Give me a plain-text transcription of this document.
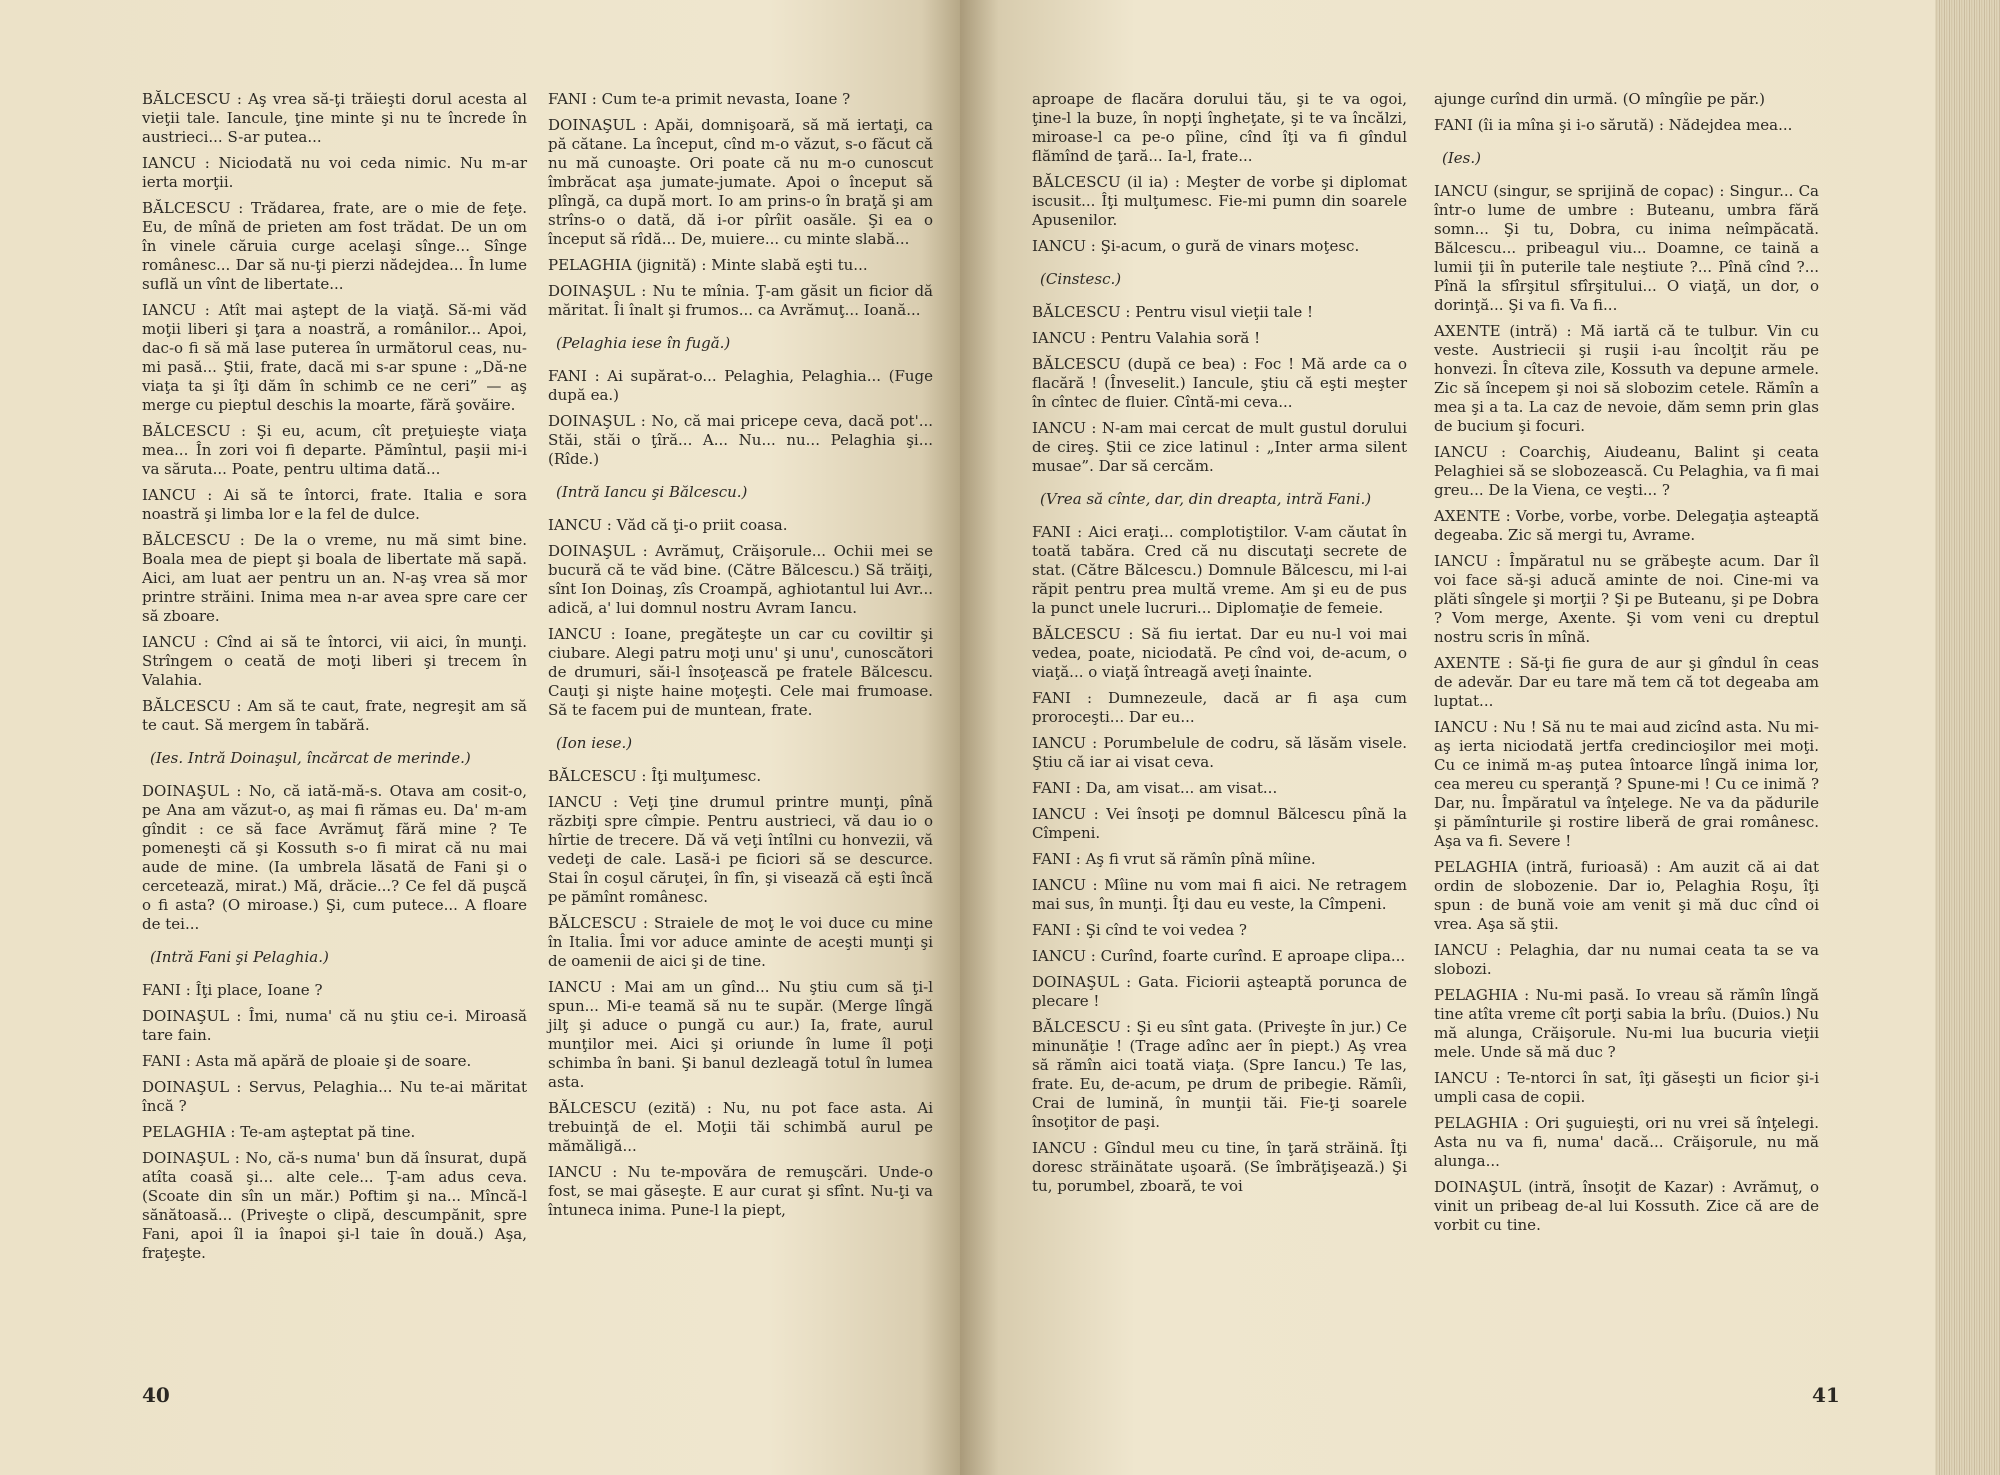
BĂLCESCU : Aş vrea să-ţi trăieşti dorul acesta al vieţii tale. Iancule, ţine minte şi nu te încrede în austrieci... S-ar putea...

IANCU : Niciodată nu voi ceda nimic. Nu m-ar ierta morţii.

BĂLCESCU : Trădarea, frate, are o mie de feţe. Eu, de mînă de prieten am fost trădat. De un om în vinele căruia curge acelaşi sînge... Sînge românesc... Dar să nu-ţi pierzi nădejdea... În lume suflă un vînt de libertate...

IANCU : Atît mai aştept de la viaţă. Să-mi văd moţii liberi şi ţara a noastră, a românilor... Apoi, dac-o fi să mă lase puterea în următorul ceas, nu-mi pasă... Ştii, frate, dacă mi s-ar spune : „Dă-ne viaţa ta şi îţi dăm în schimb ce ne ceri” — aş merge cu pieptul deschis la moarte, fără şovăire.

BĂLCESCU : Şi eu, acum, cît preţuieşte viaţa mea... În zori voi fi departe. Pămîntul, paşii mi-i va săruta... Poate, pentru ultima dată...

IANCU : Ai să te întorci, frate. Italia e sora noastră şi limba lor e la fel de dulce.

BĂLCESCU : De la o vreme, nu mă simt bine. Boala mea de piept şi boala de libertate mă sapă. Aici, am luat aer pentru un an. N-aş vrea să mor printre străini. Inima mea n-ar avea spre care cer să zboare.

IANCU : Cînd ai să te întorci, vii aici, în munţi. Strîngem o ceată de moţi liberi şi trecem în Valahia.

BĂLCESCU : Am să te caut, frate, negreşit am să te caut. Să mergem în tabără.

(Ies. Intră Doinaşul, încărcat de merinde.)

DOINAŞUL : No, că iată-mă-s. Otava am cosit-o, pe Ana am văzut-o, aş mai fi rămas eu. Da' m-am gîndit : ce să face Avrămuţ fără mine ? Te pomeneşti că şi Kossuth s-o fi mirat că nu mai aude de mine. (Ia umbrela lăsată de Fani şi o cercetează, mirat.) Mă, drăcie...? Ce fel dă puşcă o fi asta? (O miroase.) Şi, cum putece... A floare de tei...

(Intră Fani şi Pelaghia.)

FANI : Îţi place, Ioane ?

DOINAŞUL : Îmi, numa' că nu ştiu ce-i. Miroasă tare fain.

FANI : Asta mă apără de ploaie şi de soare.

DOINAŞUL : Servus, Pelaghia... Nu te-ai măritat încă ?

PELAGHIA : Te-am aşteptat pă tine.

DOINAŞUL : No, că-s numa' bun dă însurat, după atîta coasă şi... alte cele... Ţ-am adus ceva. (Scoate din sîn un măr.) Poftim şi na... Mîncă-l sănătoasă... (Priveşte o clipă, descumpănit, spre Fani, apoi îl ia înapoi şi-l taie în două.) Aşa, fraţeşte.

FANI : Cum te-a primit nevasta, Ioane ?

DOINAŞUL : Apăi, domnişoară, să mă iertaţi, ca pă cătane. La început, cînd m-o văzut, s-o făcut că nu mă cunoaşte. Ori poate că nu m-o cunoscut îmbrăcat aşa jumate-jumate. Apoi o început să plîngă, ca după mort. Io am prins-o în braţă şi am strîns-o o dată, dă i-or pîrîit oasăle. Şi ea o început să rîdă... De, muiere... cu minte slabă...

PELAGHIA (jignită) : Minte slabă eşti tu...

DOINAŞUL : Nu te mînia. Ţ-am găsit un ficior dă măritat. Îi înalt şi frumos... ca Avrămuţ... Ioană...

(Pelaghia iese în fugă.)

FANI : Ai supărat-o... Pelaghia, Pelaghia... (Fuge după ea.)

DOINAŞUL : No, că mai pricepe ceva, dacă pot'... Stăi, stăi o ţîră... A... Nu... nu... Pelaghia şi... (Rîde.)

(Intră Iancu şi Bălcescu.)

IANCU : Văd că ţi-o priit coasa.

DOINAŞUL : Avrămuţ, Crăişorule... Ochii mei se bucură că te văd bine. (Către Bălcescu.) Să trăiţi, sînt Ion Doinaş, zîs Croampă, aghiotantul lui Avr... adică, a' lui domnul nostru Avram Iancu.

IANCU : Ioane, pregăteşte un car cu coviltir şi ciubare. Alegi patru moţi unu' şi unu', cunoscători de drumuri, săi-l însoţească pe fratele Bălcescu. Cauţi şi nişte haine moţeşti. Cele mai frumoase. Să te facem pui de muntean, frate.

(Ion iese.)

BĂLCESCU : Îţi mulţumesc.

IANCU : Veţi ţine drumul printre munţi, pînă răzbiţi spre cîmpie. Pentru austrieci, vă dau io o hîrtie de trecere. Dă vă veţi întîlni cu honvezii, vă vedeţi de cale. Lasă-i pe ficiori să se descurce. Stai în coşul căruţei, în fîn, şi visează că eşti încă pe pămînt românesc.

BĂLCESCU : Straiele de moţ le voi duce cu mine în Italia. Îmi vor aduce aminte de aceşti munţi şi de oamenii de aici şi de tine.

IANCU : Mai am un gînd... Nu ştiu cum să ţi-l spun... Mi-e teamă să nu te supăr. (Merge lîngă jilţ şi aduce o pungă cu aur.) Ia, frate, aurul munţilor mei. Aici şi oriunde în lume îl poţi schimba în bani. Şi banul dezleagă totul în lumea asta.

BĂLCESCU (ezită) : Nu, nu pot face asta. Ai trebuinţă de el. Moţii tăi schimbă aurul pe mămăligă...

IANCU : Nu te-mpovăra de remuşcări. Unde-o fost, se mai găseşte. E aur curat şi sfînt. Nu-ţi va întuneca inima. Pune-l la piept,

40

aproape de flacăra dorului tău, şi te va ogoi, ţine-l la buze, în nopţi îngheţate, şi te va încălzi, miroase-l ca pe-o pîine, cînd îţi va fi gîndul flămînd de ţară... Ia-l, frate...

BĂLCESCU (il ia) : Meşter de vorbe şi diplomat iscusit... Îţi mulţumesc. Fie-mi pumn din soarele Apusenilor.

IANCU : Şi-acum, o gură de vinars moţesc.

(Cinstesc.)

BĂLCESCU : Pentru visul vieţii tale !

IANCU : Pentru Valahia soră !

BĂLCESCU (după ce bea) : Foc ! Mă arde ca o flacără ! (Înveselit.) Iancule, ştiu că eşti meşter în cîntec de fluier. Cîntă-mi ceva...

IANCU : N-am mai cercat de mult gustul dorului de cireş. Ştii ce zice latinul : „Inter arma silent musae”. Dar să cercăm.

(Vrea să cînte, dar, din dreapta, intră Fani.)

FANI : Aici eraţi... complotiştilor. V-am căutat în toată tabăra. Cred că nu discutaţi secrete de stat. (Către Bălcescu.) Domnule Bălcescu, mi l-ai răpit pentru prea multă vreme. Am şi eu de pus la punct unele lucruri... Diplomaţie de femeie.

BĂLCESCU : Să fiu iertat. Dar eu nu-l voi mai vedea, poate, niciodată. Pe cînd voi, de-acum, o viaţă... o viaţă întreagă aveţi înainte.

FANI : Dumnezeule, dacă ar fi aşa cum proroceşti... Dar eu...

IANCU : Porumbelule de codru, să lăsăm visele. Ştiu că iar ai visat ceva.

FANI : Da, am visat... am visat...

IANCU : Vei însoţi pe domnul Bălcescu pînă la Cîmpeni.

FANI : Aş fi vrut să rămîn pînă mîine.

IANCU : Mîine nu vom mai fi aici. Ne retragem mai sus, în munţi. Îţi dau eu veste, la Cîmpeni.

FANI : Şi cînd te voi vedea ?

IANCU : Curînd, foarte curînd. E aproape clipa...

DOINAŞUL : Gata. Ficiorii aşteaptă porunca de plecare !

BĂLCESCU : Şi eu sînt gata. (Priveşte în jur.) Ce minunăţie ! (Trage adînc aer în piept.) Aş vrea să rămîn aici toată viaţa. (Spre Iancu.) Te las, frate. Eu, de-acum, pe drum de pribegie. Rămîi, Crai de lumină, în munţii tăi. Fie-ţi soarele însoţitor de paşi.

IANCU : Gîndul meu cu tine, în ţară străină. Îţi doresc străinătate uşoară. (Se îmbrăţişează.) Şi tu, porumbel, zboară, te voi

ajunge curînd din urmă. (O mîngîie pe păr.)

FANI (îi ia mîna şi i-o sărută) : Nădejdea mea...

(Ies.)

IANCU (singur, se sprijină de copac) : Singur... Ca într-o lume de umbre : Buteanu, umbra fără somn... Şi tu, Dobra, cu inima neîmpăcată. Bălcescu... pribeagul viu... Doamne, ce taină a lumii ţii în puterile tale neştiute ?... Pînă cînd ?... Pînă la sfîrşitul sfîrşitului... O viaţă, un dor, o dorinţă... Şi va fi. Va fi...

AXENTE (intră) : Mă iartă că te tulbur. Vin cu veste. Austriecii şi ruşii i-au încolţit rău pe honvezi. În cîteva zile, Kossuth va depune armele. Zic să începem şi noi să slobozim cetele. Rămîn a mea şi a ta. La caz de nevoie, dăm semn prin glas de bucium şi focuri.

IANCU : Coarchiş, Aiudeanu, Balint şi ceata Pelaghiei să se slobozească. Cu Pelaghia, va fi mai greu... De la Viena, ce veşti... ?

AXENTE : Vorbe, vorbe, vorbe. Delegaţia aşteaptă degeaba. Zic să mergi tu, Avrame.

IANCU : Împăratul nu se grăbeşte acum. Dar îl voi face să-şi aducă aminte de noi. Cine-mi va plăti sîngele şi morţii ? Şi pe Buteanu, şi pe Dobra ? Vom merge, Axente. Şi vom veni cu dreptul nostru scris în mînă.

AXENTE : Să-ţi fie gura de aur şi gîndul în ceas de adevăr. Dar eu tare mă tem că tot degeaba am luptat...

IANCU : Nu ! Să nu te mai aud zicînd asta. Nu mi-aş ierta niciodată jertfa credincioşilor mei moţi. Cu ce inimă m-aş putea întoarce lîngă inima lor, cea mereu cu speranţă ? Spune-mi ! Cu ce inimă ? Dar, nu. Împăratul va înţelege. Ne va da pădurile şi pămînturile şi rostire liberă de grai românesc. Aşa va fi. Severe !

PELAGHIA (intră, furioasă) : Am auzit că ai dat ordin de slobozenie. Dar io, Pelaghia Roşu, îţi spun : de bună voie am venit şi mă duc cînd oi vrea. Aşa să ştii.

IANCU : Pelaghia, dar nu numai ceata ta se va slobozi.

PELAGHIA : Nu-mi pasă. Io vreau să rămîn lîngă tine atîta vreme cît porţi sabia la brîu. (Duios.) Nu mă alunga, Crăişorule. Nu-mi lua bucuria vieţii mele. Unde să mă duc ?

IANCU : Te-ntorci în sat, îţi găseşti un ficior şi-i umpli casa de copii.

PELAGHIA : Ori şuguieşti, ori nu vrei să înţelegi. Asta nu va fi, numa' dacă... Crăişorule, nu mă alunga...

DOINAŞUL (intră, însoţit de Kazar) : Avrămuţ, o vinit un pribeag de-al lui Kossuth. Zice că are de vorbit cu tine.

41
